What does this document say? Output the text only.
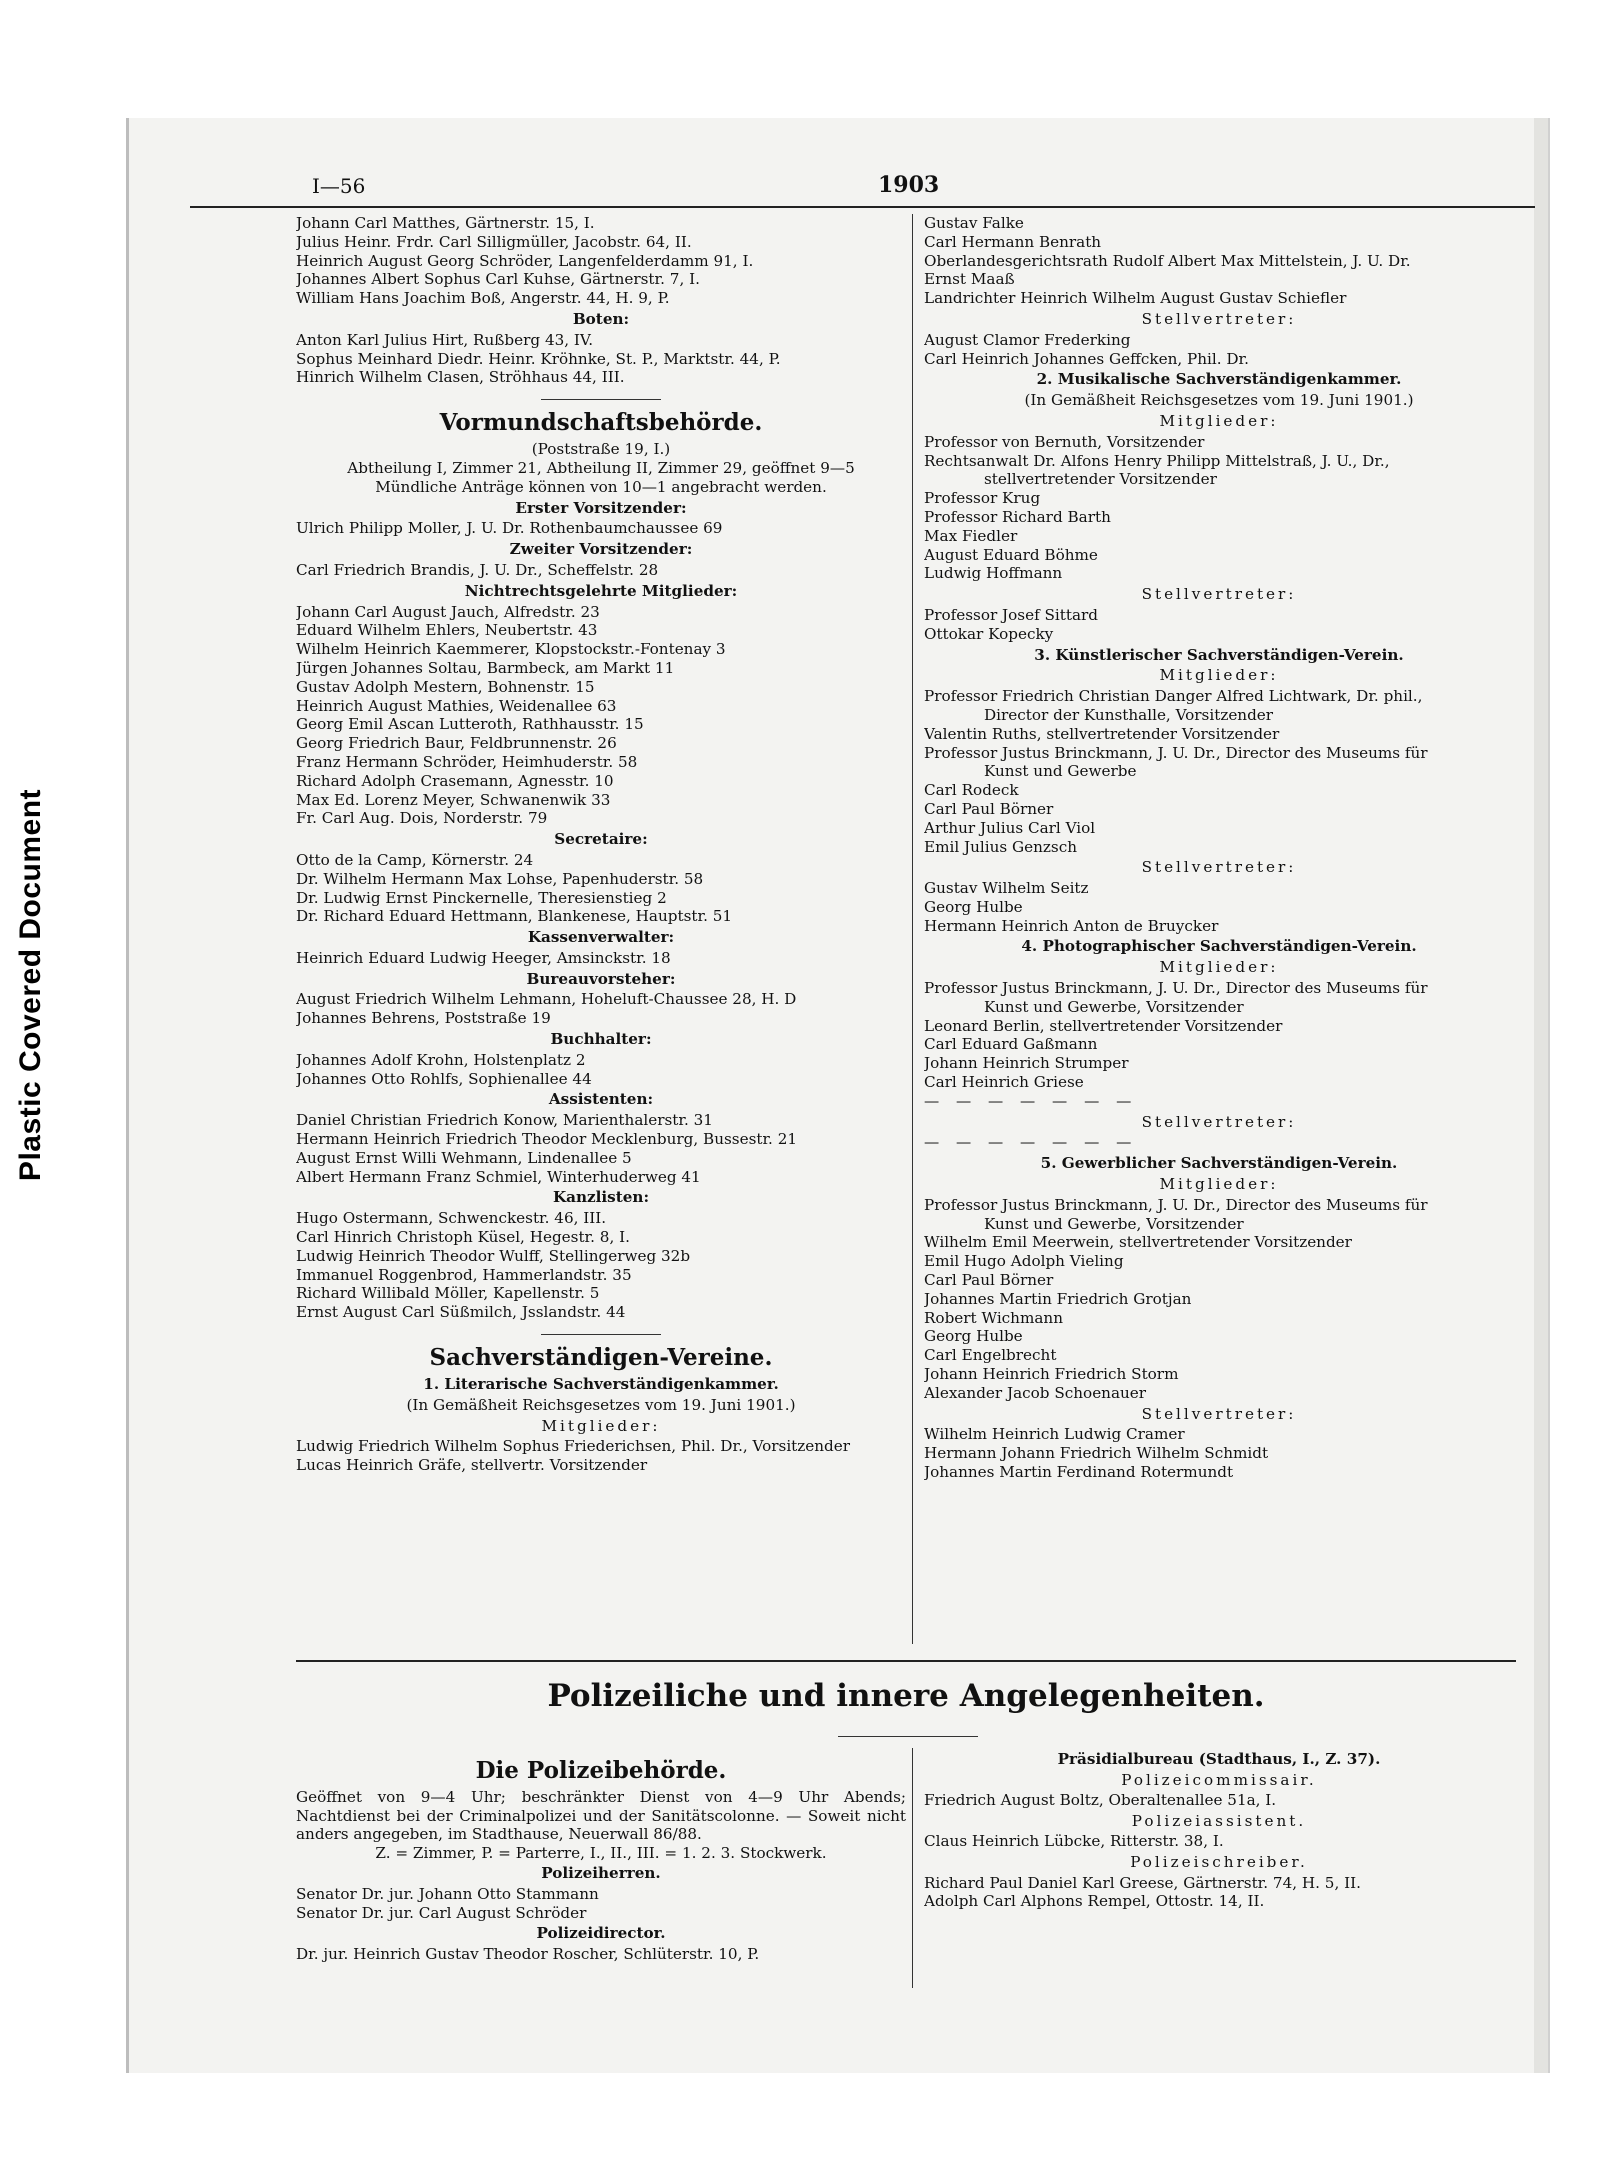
Plastic Covered Document
I—56	1903
Johann Carl Matthes, Gärtnerstr. 15, I.
Julius Heinr. Frdr. Carl Silligmüller, Jacobstr. 64, II.
Heinrich August Georg Schröder, Langenfelderdamm 91, I.
Johannes Albert Sophus Carl Kuhse, Gärtnerstr. 7, I.
William Hans Joachim Boß, Angerstr. 44, H. 9, P.
Boten:
Anton Karl Julius Hirt, Rußberg 43, IV.
Sophus Meinhard Diedr. Heinr. Kröhnke, St. P., Marktstr. 44, P.
Hinrich Wilhelm Clasen, Ströhhaus 44, III.
Vormundschaftsbehörde.
(Poststraße 19, I.)
Abtheilung I, Zimmer 21, Abtheilung II, Zimmer 29, geöffnet 9—5
Mündliche Anträge können von 10—1 angebracht werden.
Erster Vorsitzender:
Ulrich Philipp Moller, J. U. Dr. Rothenbaumchaussee 69
Zweiter Vorsitzender:
Carl Friedrich Brandis, J. U. Dr., Scheffelstr. 28
Nichtrechtsgelehrte Mitglieder:
Johann Carl August Jauch, Alfredstr. 23
Eduard Wilhelm Ehlers, Neubertstr. 43
Wilhelm Heinrich Kaemmerer, Klopstockstr.-Fontenay 3
Jürgen Johannes Soltau, Barmbeck, am Markt 11
Gustav Adolph Mestern, Bohnenstr. 15
Heinrich August Mathies, Weidenallee 63
Georg Emil Ascan Lutteroth, Rathhausstr. 15
Georg Friedrich Baur, Feldbrunnenstr. 26
Franz Hermann Schröder, Heimhuderstr. 58
Richard Adolph Crasemann, Agnesstr. 10
Max Ed. Lorenz Meyer, Schwanenwik 33
Fr. Carl Aug. Dois, Norderstr. 79
Secretaire:
Otto de la Camp, Körnerstr. 24
Dr. Wilhelm Hermann Max Lohse, Papenhuderstr. 58
Dr. Ludwig Ernst Pinckernelle, Theresienstieg 2
Dr. Richard Eduard Hettmann, Blankenese, Hauptstr. 51
Kassenverwalter:
Heinrich Eduard Ludwig Heeger, Amsinckstr. 18
Bureauvorsteher:
August Friedrich Wilhelm Lehmann, Hoheluft-Chaussee 28, H. D
Johannes Behrens, Poststraße 19
Buchhalter:
Johannes Adolf Krohn, Holstenplatz 2
Johannes Otto Rohlfs, Sophienallee 44
Assistenten:
Daniel Christian Friedrich Konow, Marienthalerstr. 31
Hermann Heinrich Friedrich Theodor Mecklenburg, Bussestr. 21
August Ernst Willi Wehmann, Lindenallee 5
Albert Hermann Franz Schmiel, Winterhuderweg 41
Kanzlisten:
Hugo Ostermann, Schwenckestr. 46, III.
Carl Hinrich Christoph Küsel, Hegestr. 8, I.
Ludwig Heinrich Theodor Wulff, Stellingerweg 32b
Immanuel Roggenbrod, Hammerlandstr. 35
Richard Willibald Möller, Kapellenstr. 5
Ernst August Carl Süßmilch, Jsslandstr. 44
Sachverständigen-Vereine.
1. Literarische Sachverständigenkammer.
(In Gemäßheit Reichsgesetzes vom 19. Juni 1901.)
Mitglieder:
Ludwig Friedrich Wilhelm Sophus Friederichsen, Phil. Dr., Vorsitzender
Lucas Heinrich Gräfe, stellvertr. Vorsitzender
Gustav Falke
Carl Hermann Benrath
Oberlandesgerichtsrath Rudolf Albert Max Mittelstein, J. U. Dr.
Ernst Maaß
Landrichter Heinrich Wilhelm August Gustav Schiefler
Stellvertreter:
August Clamor Frederking
Carl Heinrich Johannes Geffcken, Phil. Dr.
2. Musikalische Sachverständigenkammer.
(In Gemäßheit Reichsgesetzes vom 19. Juni 1901.)
Mitglieder:
Professor von Bernuth, Vorsitzender
Rechtsanwalt Dr. Alfons Henry Philipp Mittelstraß, J. U., Dr.,
stellvertretender Vorsitzender
Professor Krug
Professor Richard Barth
Max Fiedler
August Eduard Böhme
Ludwig Hoffmann
Stellvertreter:
Professor Josef Sittard
Ottokar Kopecky
3. Künstlerischer Sachverständigen-Verein.
Mitglieder:
Professor Friedrich Christian Danger Alfred Lichtwark, Dr. phil.,
Director der Kunsthalle, Vorsitzender
Valentin Ruths, stellvertretender Vorsitzender
Professor Justus Brinckmann, J. U. Dr., Director des Museums für
Kunst und Gewerbe
Carl Rodeck
Carl Paul Börner
Arthur Julius Carl Viol
Emil Julius Genzsch
Stellvertreter:
Gustav Wilhelm Seitz
Georg Hulbe
Hermann Heinrich Anton de Bruycker
4. Photographischer Sachverständigen-Verein.
Mitglieder:
Professor Justus Brinckmann, J. U. Dr., Director des Museums für
Kunst und Gewerbe, Vorsitzender
Leonard Berlin, stellvertretender Vorsitzender
Carl Eduard Gaßmann
Johann Heinrich Strumper
Carl Heinrich Griese
— — — — — — —
Stellvertreter:
— — — — — — —
5. Gewerblicher Sachverständigen-Verein.
Mitglieder:
Professor Justus Brinckmann, J. U. Dr., Director des Museums für
Kunst und Gewerbe, Vorsitzender
Wilhelm Emil Meerwein, stellvertretender Vorsitzender
Emil Hugo Adolph Vieling
Carl Paul Börner
Johannes Martin Friedrich Grotjan
Robert Wichmann
Georg Hulbe
Carl Engelbrecht
Johann Heinrich Friedrich Storm
Alexander Jacob Schoenauer
Stellvertreter:
Wilhelm Heinrich Ludwig Cramer
Hermann Johann Friedrich Wilhelm Schmidt
Johannes Martin Ferdinand Rotermundt
Polizeiliche und innere Angelegenheiten.
Die Polizeibehörde.
Geöffnet von 9—4 Uhr; beschränkter Dienst von 4—9 Uhr Abends; Nachtdienst bei der Criminalpolizei und der Sanitätscolonne. — Soweit nicht anders angegeben, im Stadthause, Neuerwall 86/88.
Z. = Zimmer, P. = Parterre, I., II., III. = 1. 2. 3. Stockwerk.
Polizeiherren.
Senator Dr. jur. Johann Otto Stammann
Senator Dr. jur. Carl August Schröder
Polizeidirector.
Dr. jur. Heinrich Gustav Theodor Roscher, Schlüterstr. 10, P.
Präsidialbureau (Stadthaus, I., Z. 37).
Polizeicommissair.
Friedrich August Boltz, Oberaltenallee 51a, I.
Polizeiassistent.
Claus Heinrich Lübcke, Ritterstr. 38, I.
Polizeischreiber.
Richard Paul Daniel Karl Greese, Gärtnerstr. 74, H. 5, II.
Adolph Carl Alphons Rempel, Ottostr. 14, II.
